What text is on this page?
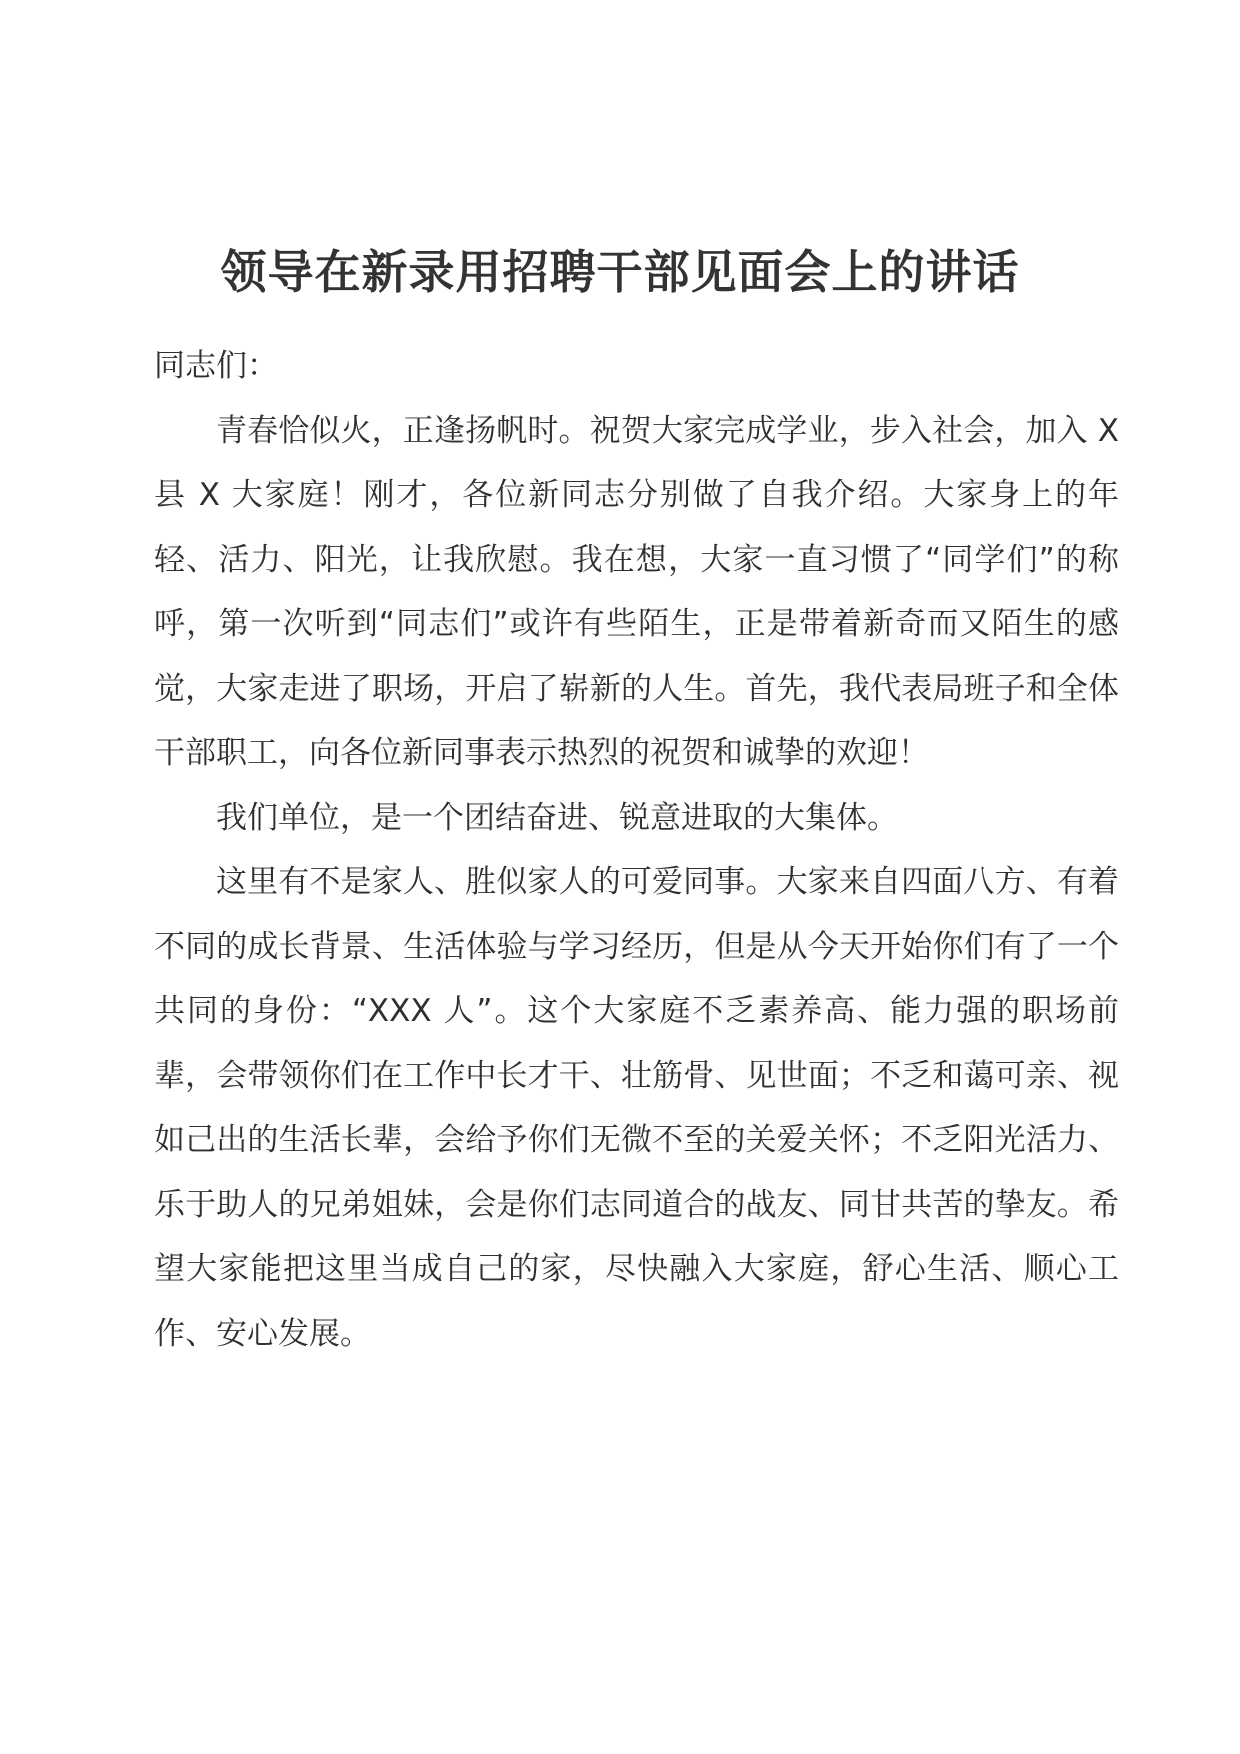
领导在新录用招聘干部见面会上的讲话

同志们：

青春恰似火，正逢扬帆时。祝贺大家完成学业，步入社会，加入 X 县 X 大家庭！刚才，各位新同志分别做了自我介绍。大家身上的年轻、活力、阳光，让我欣慰。我在想，大家一直习惯了“同学们”的称呼，第一次听到“同志们”或许有些陌生，正是带着新奇而又陌生的感觉，大家走进了职场，开启了崭新的人生。首先，我代表局班子和全体干部职工，向各位新同事表示热烈的祝贺和诚挚的欢迎！

我们单位，是一个团结奋进、锐意进取的大集体。

这里有不是家人、胜似家人的可爱同事。大家来自四面八方、有着不同的成长背景、生活体验与学习经历，但是从今天开始你们有了一个共同的身份：“XXX 人”。这个大家庭不乏素养高、能力强的职场前辈，会带领你们在工作中长才干、壮筋骨、见世面；不乏和蔼可亲、视如己出的生活长辈，会给予你们无微不至的关爱关怀；不乏阳光活力、乐于助人的兄弟姐妹，会是你们志同道合的战友、同甘共苦的挚友。希望大家能把这里当成自己的家，尽快融入大家庭，舒心生活、顺心工作、安心发展。
